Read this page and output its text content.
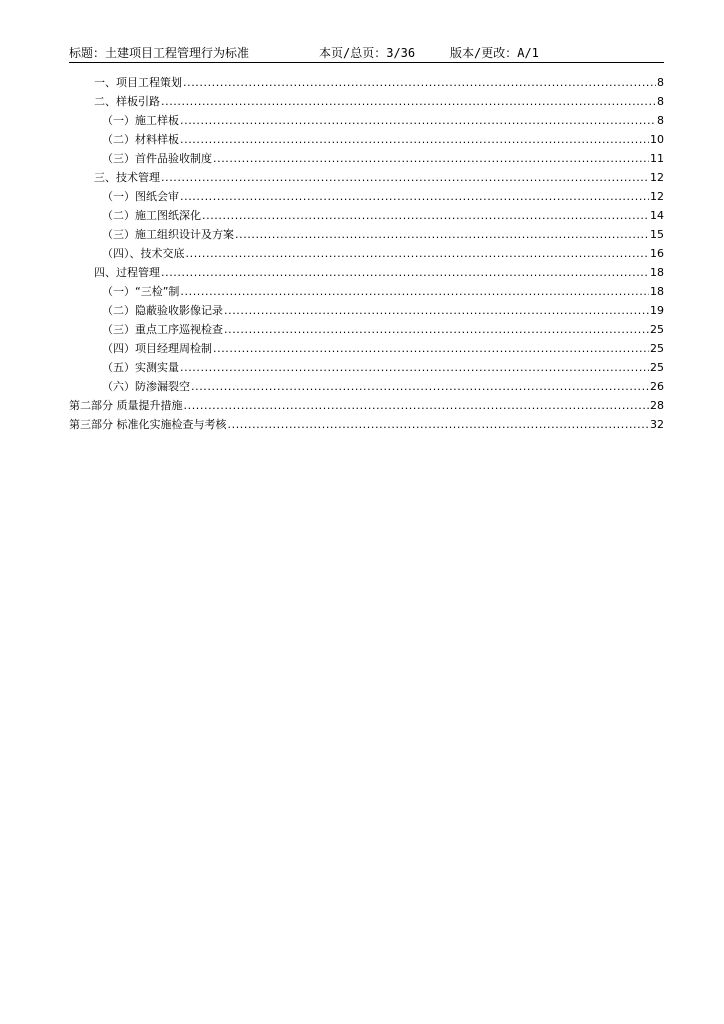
标题：土建项目工程管理行为标准	本页/总页：3/36	版本/更改：A/1
一、项目工程策划 .....	8
二、样板引路 .....	8
（一）施工样板 .....	8
（二）材料样板 .....	10
（三）首件品验收制度 .....	11
三、技术管理 .....	12
（一）图纸会审 .....	12
（二）施工图纸深化 .....	14
（三）施工组织设计及方案 .....	15
（四）、技术交底 .....	16
四、过程管理 .....	18
（一）“三检”制 .....	18
（二）隐蔽验收影像记录 .....	19
（三）重点工序巡视检查 .....	25
（四）项目经理周检制 .....	25
（五）实测实量 .....	25
（六）防渗漏裂空 .....	26
第二部分 质量提升措施 .....	28
第三部分 标准化实施检查与考核 .....	32
